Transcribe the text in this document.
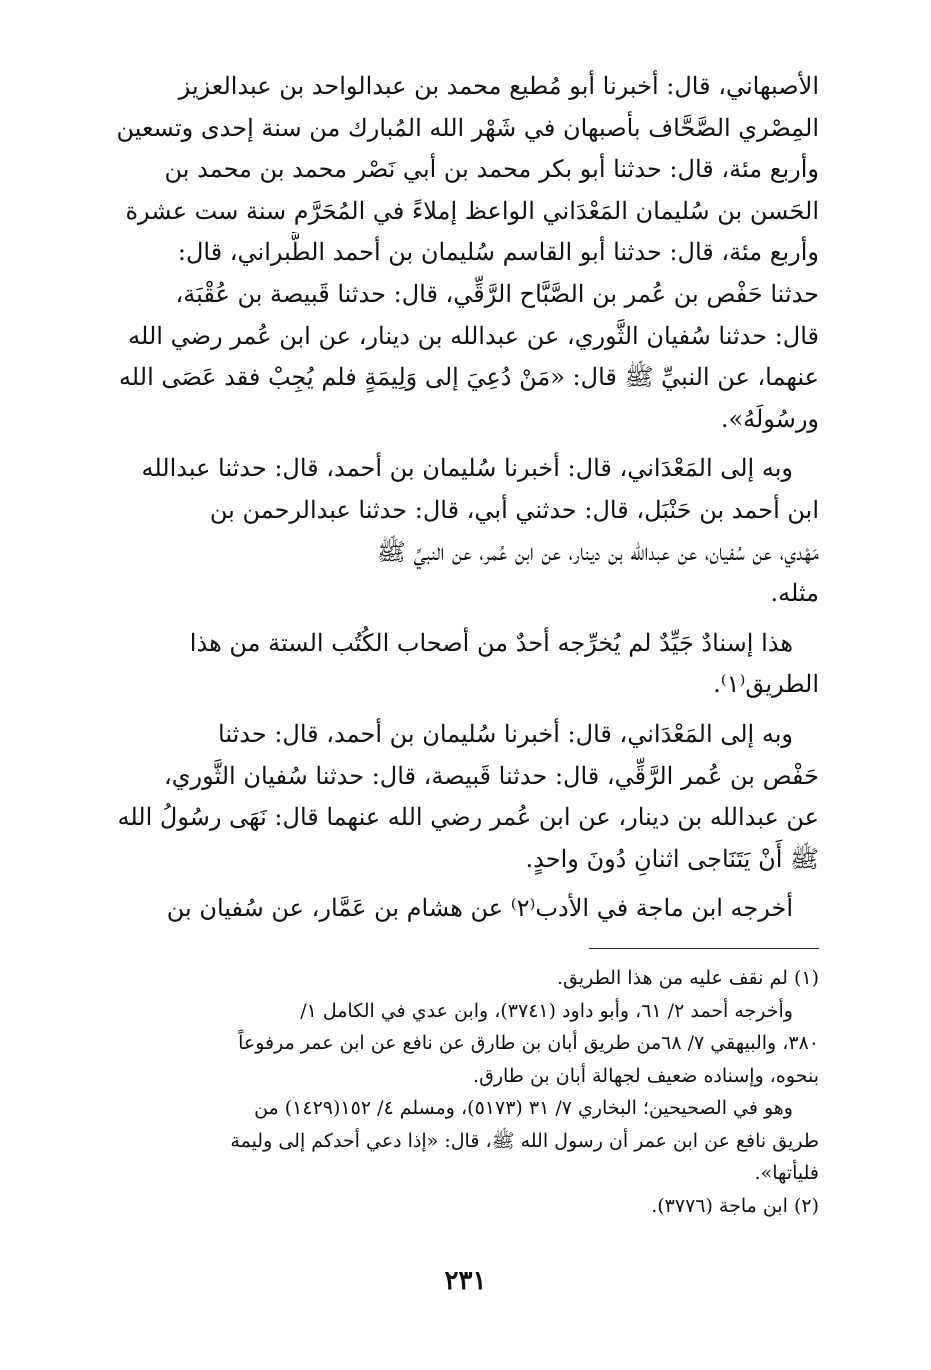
الأصبهاني، قال: أخبرنا أبو مُطيع محمد بن عبدالواحد بن عبدالعزيز
المِصْري الصَّحَّاف بأصبهان في شَهْر الله المُبارك من سنة إحدى وتسعين
وأربع مئة، قال: حدثنا أبو بكر محمد بن أبي نَصْر محمد بن محمد بن
الحَسن بن سُليمان المَعْدَاني الواعظ إملاءً في المُحَرَّم سنة ست عشرة
وأربع مئة، قال: حدثنا أبو القاسم سُليمان بن أحمد الطَّبراني، قال:
حدثنا حَفْص بن عُمر بن الصَّبَّاح الرَّقِّي، قال: حدثنا قَبيصة بن عُقْبَة،
قال: حدثنا سُفيان الثَّوري، عن عبدالله بن دينار، عن ابن عُمر رضي الله
عنهما، عن النبيِّ ﷺ قال: «مَنْ دُعِيَ إلى وَلِيمَةٍ فلم يُجِبْ فقد عَصَى الله
ورسُولَهُ».

وبه إلى المَعْدَاني، قال: أخبرنا سُليمان بن أحمد، قال: حدثنا عبدالله
ابن أحمد بن حَنْبَل، قال: حدثني أبي، قال: حدثنا عبدالرحمن بن
مَهْدي، عن سُفيان، عن عبدالله بن دينار، عن ابن عُمر، عن النبيِّ ﷺ
مثله.

هذا إسنادٌ جَيِّدٌ لم يُخرِّجه أحدٌ من أصحاب الكُتُب الستة من هذا
الطريق⁽١⁾.

وبه إلى المَعْدَاني، قال: أخبرنا سُليمان بن أحمد، قال: حدثنا
حَفْص بن عُمر الرَّقِّي، قال: حدثنا قَبيصة، قال: حدثنا سُفيان الثَّوري،
عن عبدالله بن دينار، عن ابن عُمر رضي الله عنهما قال: نَهَى رسُولُ الله
ﷺ أَنْ يَتَنَاجى اثنانِ دُونَ واحدٍ.

أخرجه ابن ماجة في الأدب⁽٢⁾ عن هشام بن عَمَّار، عن سُفيان بن

(١) لم نقف عليه من هذا الطريق.
وأخرجه أحمد ٢/ ٦١، وأبو داود (٣٧٤١)، وابن عدي في الكامل ١/
٣٨٠، والبيهقي ٧/ ٦٨من طريق أبان بن طارق عن نافع عن ابن عمر مرفوعاً
بنحوه، وإسناده ضعيف لجهالة أبان بن طارق.
وهو في الصحيحين؛ البخاري ٧/ ٣١ (٥١٧٣)، ومسلم ٤/ ١٥٢(١٤٢٩) من
طريق نافع عن ابن عمر أن رسول الله ﷺ، قال: «إذا دعي أحدكم إلى وليمة
فليأتها».
(٢) ابن ماجة (٣٧٧٦).
٢٣١
